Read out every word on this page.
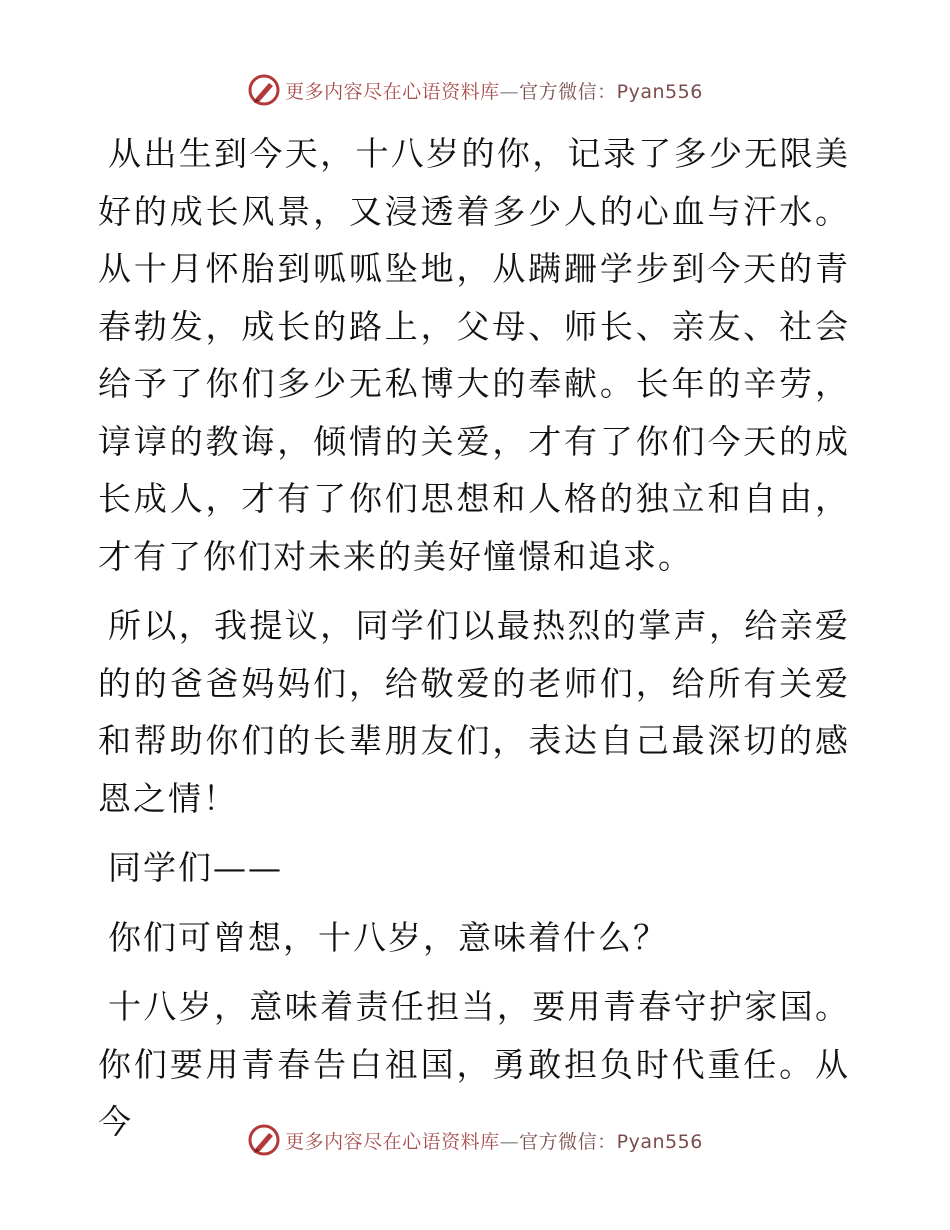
更多内容尽在心语资料库—官方微信：Pyan556

从出生到今天，十八岁的你，记录了多少无限美好的成长风景，又浸透着多少人的心血与汗水。从十月怀胎到呱呱坠地，从蹒跚学步到今天的青春勃发，成长的路上，父母、师长、亲友、社会给予了你们多少无私博大的奉献。长年的辛劳，谆谆的教诲，倾情的关爱，才有了你们今天的成长成人，才有了你们思想和人格的独立和自由，才有了你们对未来的美好憧憬和追求。

所以，我提议，同学们以最热烈的掌声，给亲爱的的爸爸妈妈们，给敬爱的老师们，给所有关爱和帮助你们的长辈朋友们，表达自己最深切的感恩之情！

同学们——

你们可曾想，十八岁，意味着什么？

十八岁，意味着责任担当，要用青春守护家国。你们要用青春告白祖国，勇敢担负时代重任。从今

更多内容尽在心语资料库—官方微信：Pyan556
